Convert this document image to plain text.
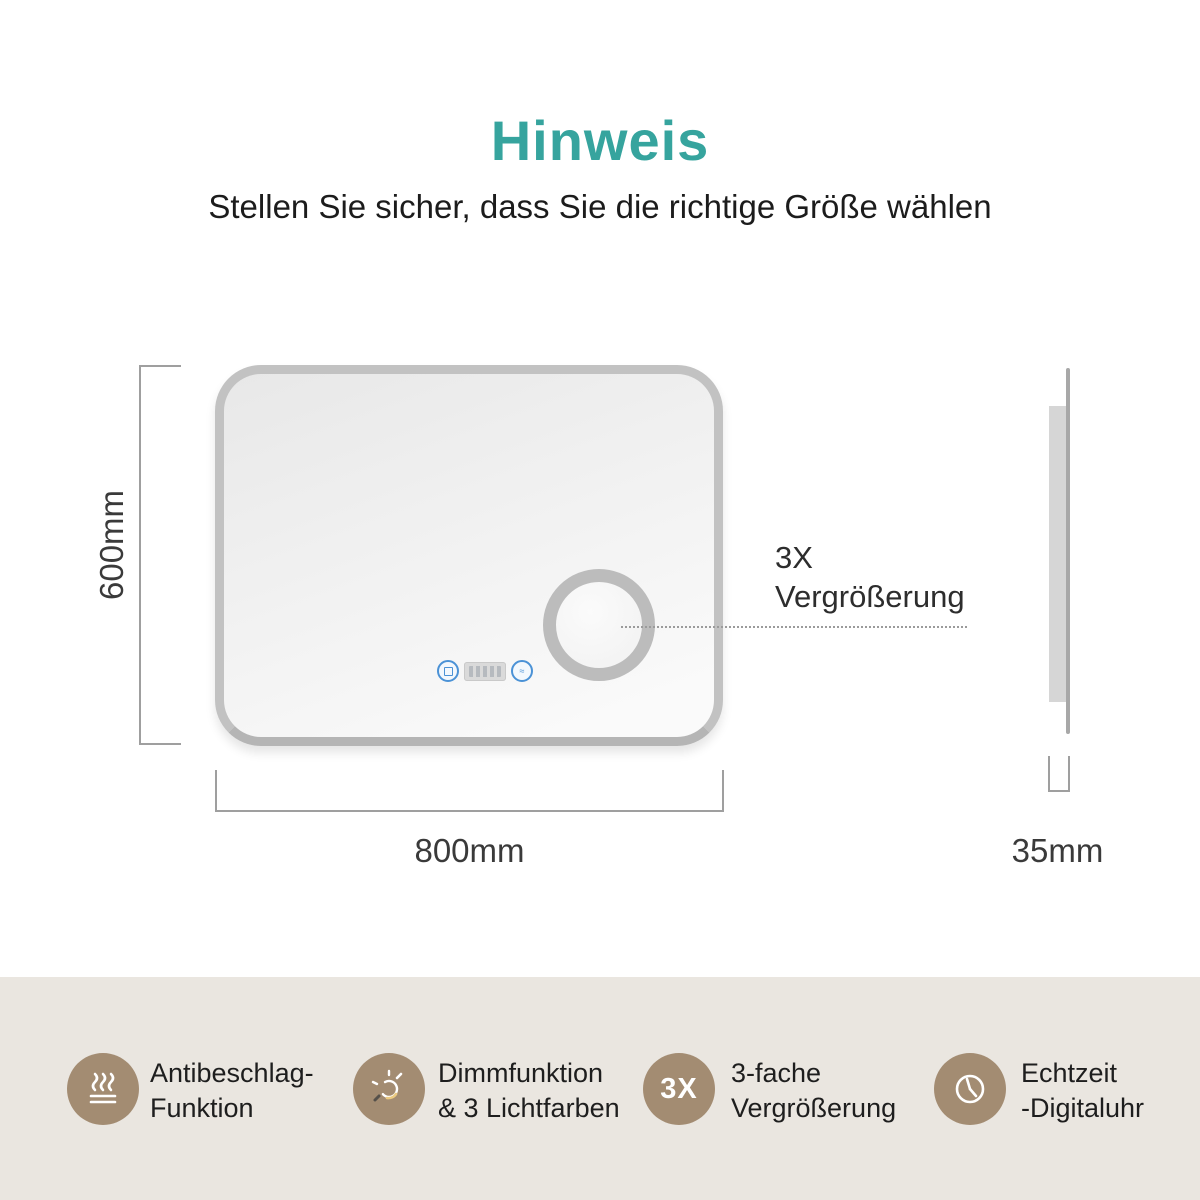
Hinweis
Stellen Sie sicher, dass Sie die richtige Größe wählen
≈
600mm
800mm	35mm
3X
Vergrößerung
Antibeschlag-
Funktion
Dimmfunktion
& 3 Lichtfarben
3X 3-fache
Vergrößerung
Echtzeit
-Digitaluhr
